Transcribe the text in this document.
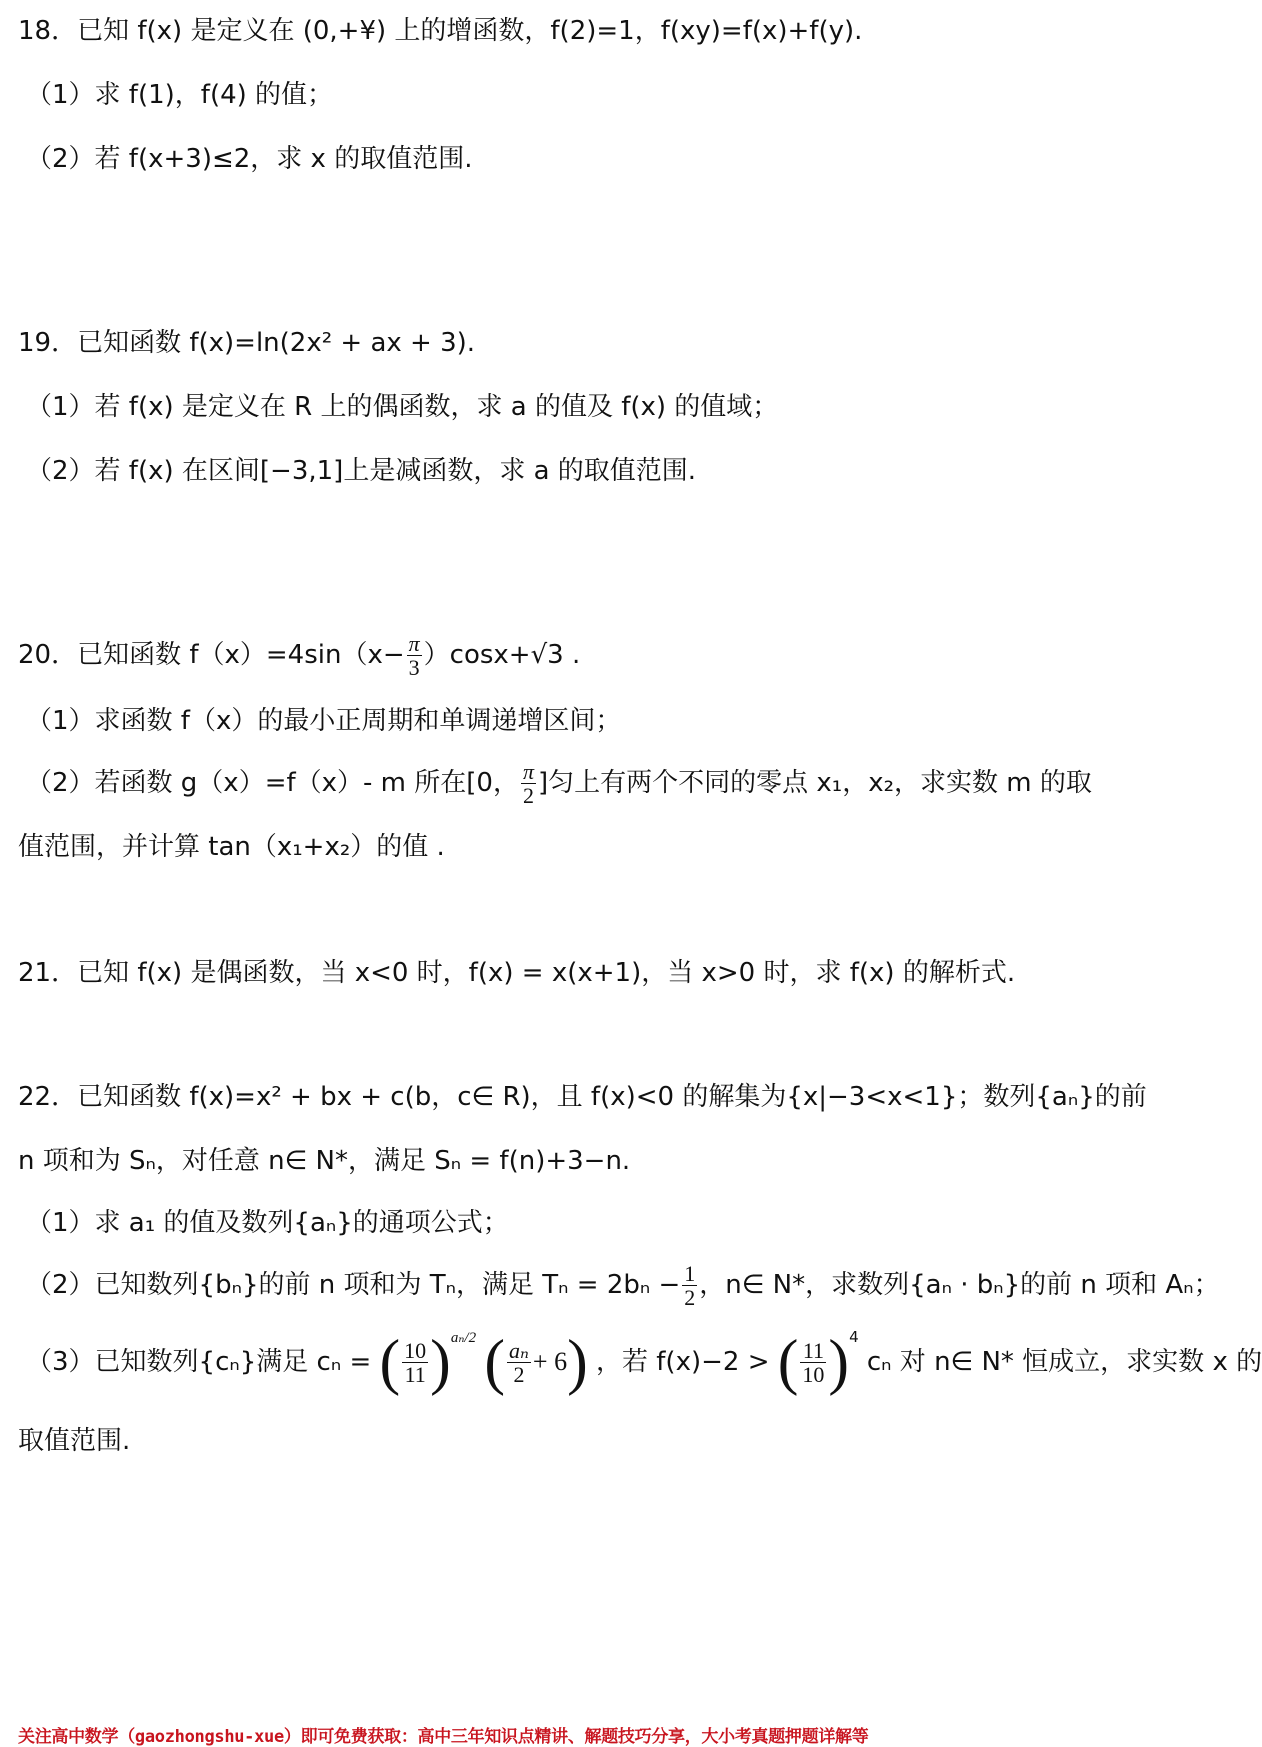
18．已知 f(x) 是定义在 (0,+¥) 上的增函数，f(2)=1，f(xy)=f(x)+f(y).
（1）求 f(1)，f(4) 的值；
（2）若 f(x+3)≤2，求 x 的取值范围.
19．已知函数 f(x)=ln(2x² + ax + 3).
（1）若 f(x) 是定义在 R 上的偶函数，求 a 的值及 f(x) 的值域；
（2）若 f(x) 在区间[−3,1]上是减函数，求 a 的取值范围.
20．已知函数 $f(x)=4\sin(x- \frac{\pi}{3} )\cos x+√3$ .
（1）求函数 f（x）的最小正周期和单调递增区间；
（2）若函数 g（x）=f（x）- m 所在[0， $\frac{\pi}{2}$ ]匀上有两个不同的零点 x₁，x₂，求实数 m 的取
值范围，并计算 tan（x₁+x₂）的值 .
21．已知 f(x) 是偶函数，当 x<0 时，f(x) = x(x+1)，当 x>0 时，求 f(x) 的解析式.
22．已知函数 f(x)=x² + bx + c(b，c∈ R)，且 f(x)<0 的解集为{x|−3<x<1}；数列{aₙ}的前
n 项和为 Sₙ，对任意 n∈ N*，满足 Sₙ = f(n)+3−n.
（1）求 a₁ 的值及数列{aₙ}的通项公式；
（2）已知数列{bₙ}的前 n 项和为 Tₙ，满足 $T_n = 2b_n - \frac{1}{2}$ ，n∈ N*，求数列{aₙ · bₙ}的前 n 项和 Aₙ；
（3）已知数列{cₙ}满足 cₙ = ( $\frac{10}{11} )^{a_n/2}$ ( $\frac{\text{aₙ}}{2} + 6$) ，若 f(x)−2 > ( $\frac{11}{10} )^4$ cₙ 对 n∈ N* 恒成立，求实数 x 的
取值范围.
关注高中数学（gaozhongshu-xue）即可免费获取：高中三年知识点精讲、解题技巧分享，大小考真题押题详解等
